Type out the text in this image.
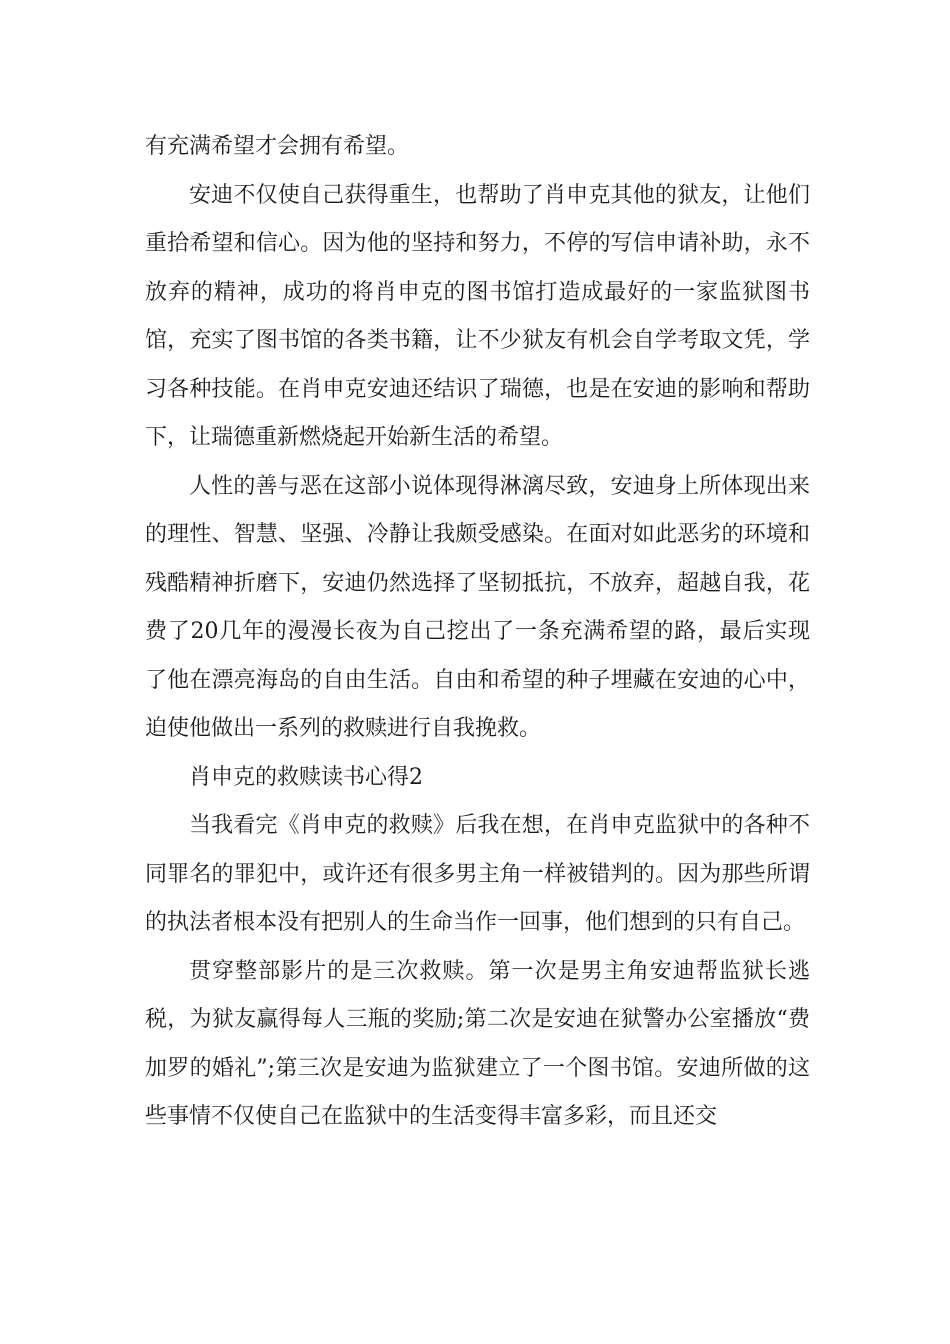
有充满希望才会拥有希望。

安迪不仅使自己获得重生，也帮助了肖申克其他的狱友，让他们重拾希望和信心。因为他的坚持和努力，不停的写信申请补助，永不放弃的精神，成功的将肖申克的图书馆打造成最好的一家监狱图书馆，充实了图书馆的各类书籍，让不少狱友有机会自学考取文凭，学习各种技能。在肖申克安迪还结识了瑞德，也是在安迪的影响和帮助下，让瑞德重新燃烧起开始新生活的希望。

人性的善与恶在这部小说体现得淋漓尽致，安迪身上所体现出来的理性、智慧、坚强、冷静让我颇受感染。在面对如此恶劣的环境和残酷精神折磨下，安迪仍然选择了坚韧抵抗，不放弃，超越自我，花费了20几年的漫漫长夜为自己挖出了一条充满希望的路，最后实现了他在漂亮海岛的自由生活。自由和希望的种子埋藏在安迪的心中，迫使他做出一系列的救赎进行自我挽救。

肖申克的救赎读书心得2

当我看完《肖申克的救赎》后我在想，在肖申克监狱中的各种不同罪名的罪犯中，或许还有很多男主角一样被错判的。因为那些所谓的执法者根本没有把别人的生命当作一回事，他们想到的只有自己。

贯穿整部影片的是三次救赎。第一次是男主角安迪帮监狱长逃税，为狱友赢得每人三瓶的奖励;第二次是安迪在狱警办公室播放“费加罗的婚礼”;第三次是安迪为监狱建立了一个图书馆。安迪所做的这些事情不仅使自己在监狱中的生活变得丰富多彩，而且还交
